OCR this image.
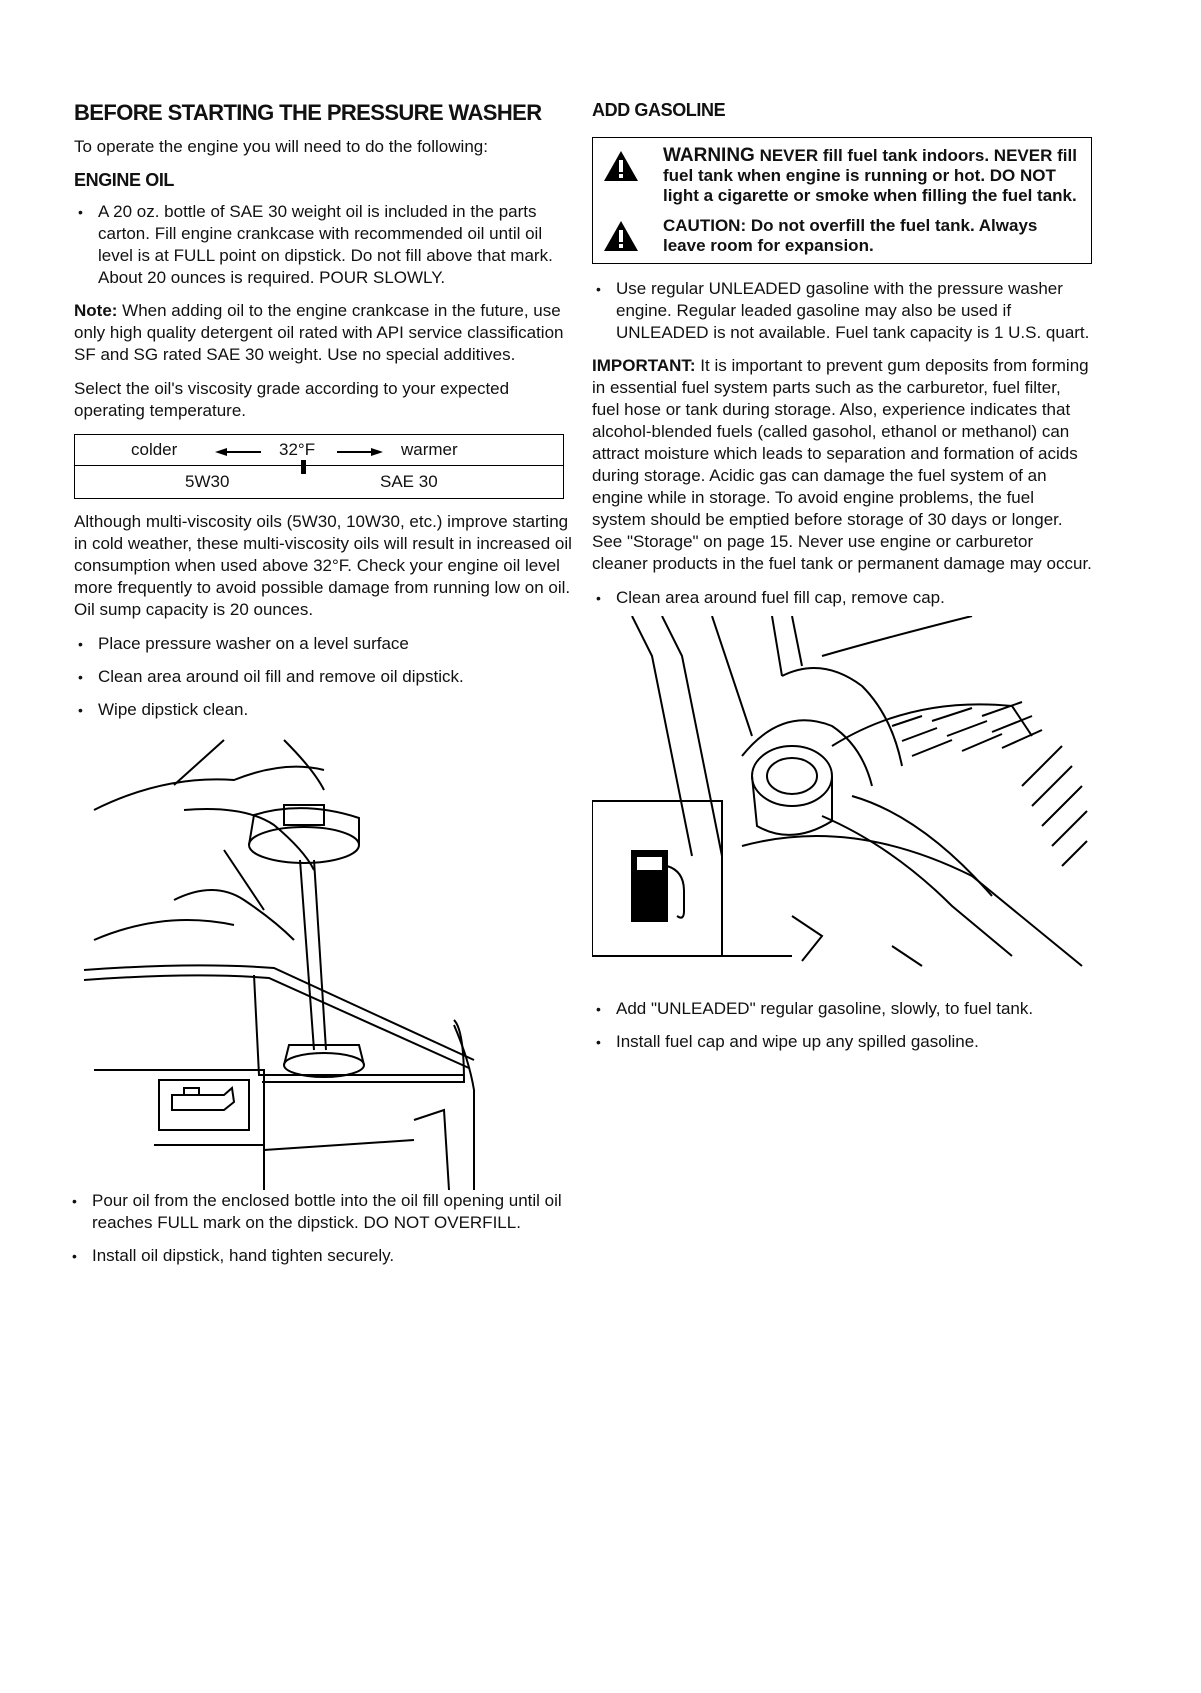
BEFORE STARTING THE PRESSURE WASHER

To operate the engine you will need to do the following:

ENGINE OIL
• A 20 oz. bottle of SAE 30 weight oil is included in the parts carton. Fill engine crankcase with recommended oil until oil level is at FULL point on dipstick. Do not fill above that mark. About 20 ounces is required. POUR SLOWLY.

Note: When adding oil to the engine crankcase in the future, use only high quality detergent oil rated with API service classification SF and SG rated SAE 30 weight. Use no special additives.

Select the oil's viscosity grade according to your expected operating temperature.

colder	32°F	warmer
5W30	SAE 30

Although multi-viscosity oils (5W30, 10W30, etc.) improve starting in cold weather, these multi-viscosity oils will result in increased oil consumption when used above 32°F. Check your engine oil level more frequently to avoid possible damage from running low on oil. Oil sump capacity is 20 ounces.

• Place pressure washer on a level surface
• Clean area around oil fill and remove oil dipstick.
• Wipe dipstick clean.
• Pour oil from the enclosed bottle into the oil fill opening until oil reaches FULL mark on the dipstick. DO NOT OVERFILL.
• Install oil dipstick, hand tighten securely.
ADD GASOLINE
WARNING NEVER fill fuel tank indoors. NEVER fill fuel tank when engine is running or hot. DO NOT light a cigarette or smoke when filling the fuel tank.
CAUTION: Do not overfill the fuel tank. Always leave room for expansion.
• Use regular UNLEADED gasoline with the pressure washer engine. Regular leaded gasoline may also be used if UNLEADED is not available. Fuel tank capacity is 1 U.S. quart.

IMPORTANT: It is important to prevent gum deposits from forming in essential fuel system parts such as the carburetor, fuel filter, fuel hose or tank during storage. Also, experience indicates that alcohol-blended fuels (called gasohol, ethanol or methanol) can attract moisture which leads to separation and formation of acids during storage. Acidic gas can damage the fuel system of an engine while in storage. To avoid engine problems, the fuel system should be emptied before storage of 30 days or longer. See "Storage" on page 15. Never use engine or carburetor cleaner products in the fuel tank or permanent damage may occur.

• Clean area around fuel fill cap, remove cap.
• Add "UNLEADED" regular gasoline, slowly, to fuel tank.
• Install fuel cap and wipe up any spilled gasoline.
